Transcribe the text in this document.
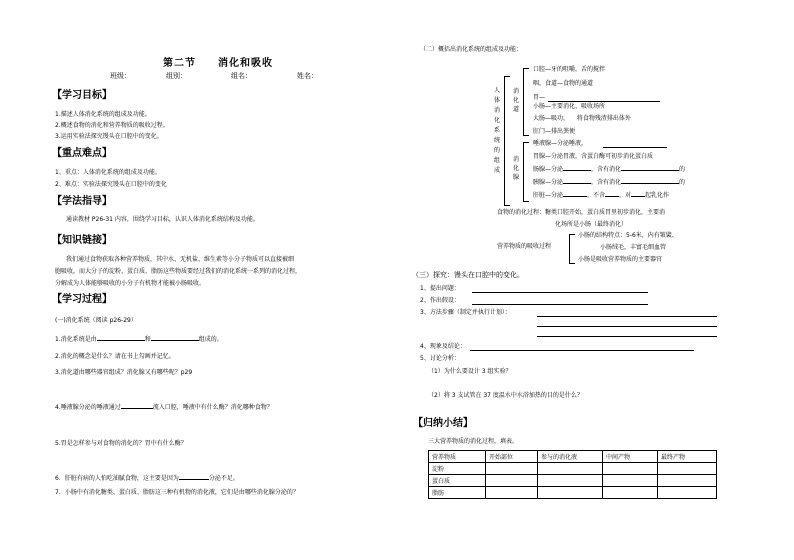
第二节　　消化和吸收
班级：	组别：	组名：	姓名：
【学习目标】
1.描述人体消化系统的组成及功能。
2.概述食物的消化和营养物质的吸收过程。
3.运用实验法探究馒头在口腔中的变化。
【重点难点】
1、重点：人体消化系统的组成及功能。
2、难点：实验法探究馒头在口腔中的变化
【学法指导】
通读教材 P26-31 内容，围绕学习目标，认识人体消化系统结构及功能。
【知识链接】
我们通过食物获取各种营养物质，其中水、无机盐、维生素等小分子物质可以直接被细
胞吸收，而大分子的淀粉、蛋白质、脂肪这些物质要经过我们的消化系统一系列的消化过程，
分解成为人体能够吸收的小分子有机物才能被小肠吸收。
【学习过程】
(一)消化系统（阅读 p26-29）
1.消化系统是由	和	组成的。
2.消化的概念是什么？请在书上勾画并记忆。
3.消化道由哪些器官组成？消化腺又有哪些呢？p29
4.唾液腺分泌的唾液通过	流入口腔，唾液中有什么酶？消化哪种食物？
5.胃是怎样参与对食物的消化的？胃中有什么酶？
6．肝脏有病的人怕吃油腻食物，这主要是因为	分泌不足。
7．小肠中有消化糖类、蛋白质、脂肪这三种有机物的消化液，它们是由哪些消化腺分泌的？
（二）概括出消化系统的组成及功能：
人体消化系统的组成
消化道
口腔—牙的咀嚼，舌的搅拌
咽，食道—食物的通道
胃—
小肠—主要消化、吸收场所
大肠—吸功， 　将食物残渣排出体外
肛门—排出粪便
消化腺
唾液腺—分泌唾液，
胃腺—分泌胃液，含蛋白酶可初步消化蛋白质
肠腺—分泌	，含有消化	的
胰腺—分泌	，含有消化	的
肝脏—分泌	，不含 ，对 起乳化作
食物的消化过程：糖类口腔开始，蛋白质胃里初步消化，主要消
化场所是小肠（最终消化）
营养物质的吸收过程
小肠的结构特点：5-6米，内有皱襞、
小肠绒毛，丰富毛细血管
小肠是吸收营养物质的主要器官
（三）探究：馒头在口腔中的变化。
1、提出问题：
2、作出假设：
3、方法步骤（制定并执行计划）：
4、现象及结论：
5、讨论分析：
（1）为什么要设计 3 组实验？
（2）将 3 支试管在 37 度温水中水浴加热的目的是什么？
【归纳小结】
三大营养物质的消化过程，填表。
营养物质	开始部位	参与的消化液	中间产物	最终产物
淀粉				
蛋白质				
脂肪				
